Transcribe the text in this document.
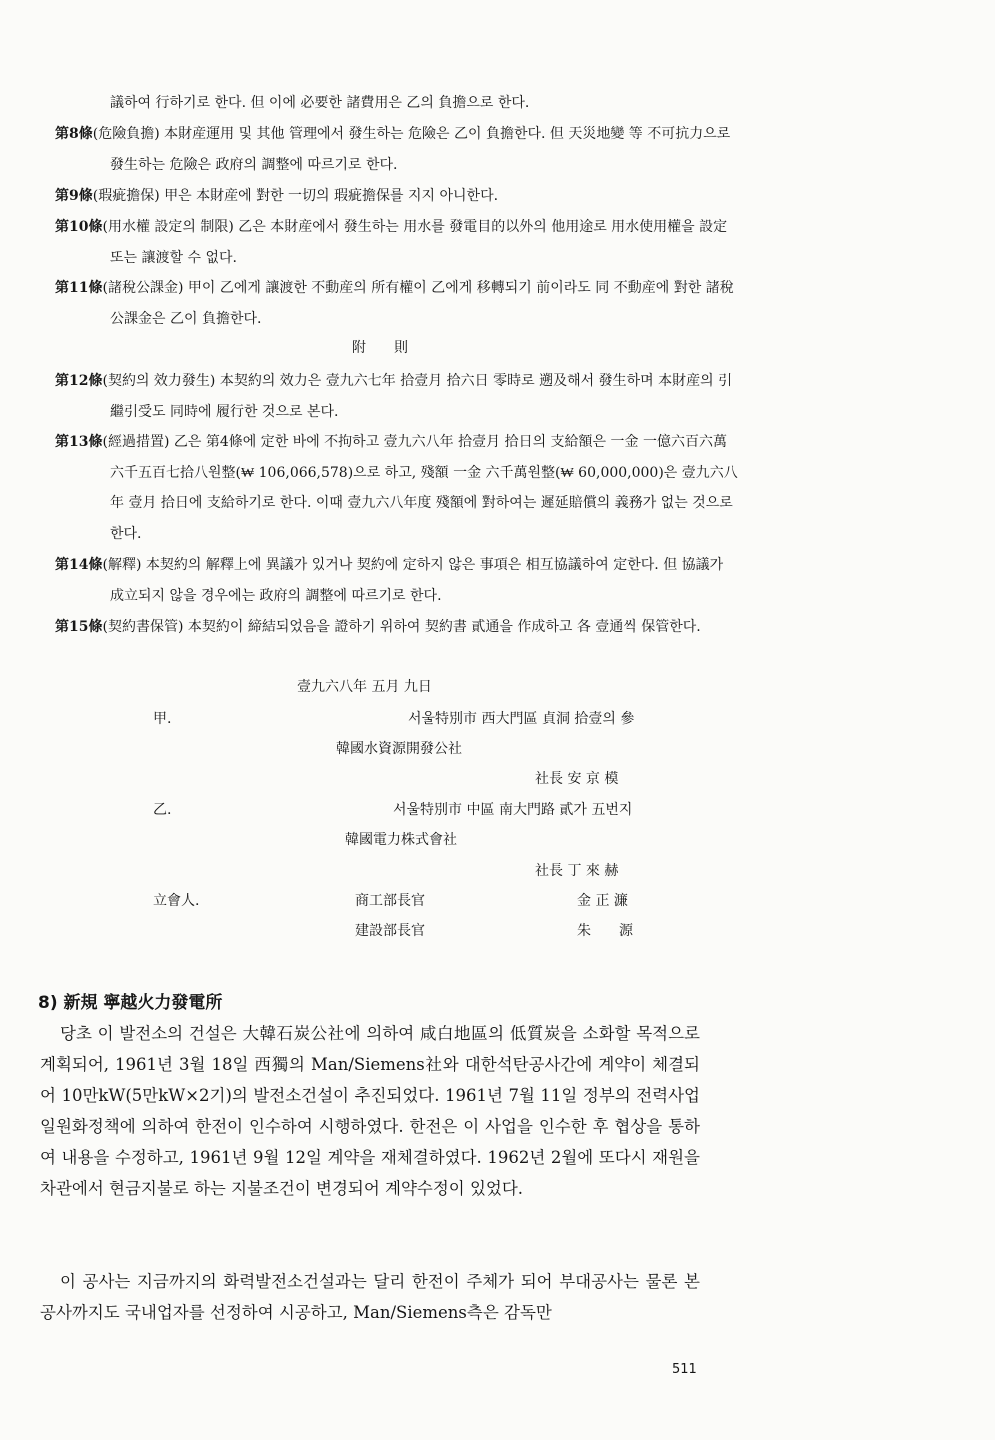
議하여 行하기로 한다. 但 이에 必要한 諸費用은 乙의 負擔으로 한다.
第8條(危險負擔) 本財産運用 및 其他 管理에서 發生하는 危險은 乙이 負擔한다. 但 天災地變 等 不可抗力으로 發生하는 危險은 政府의 調整에 따르기로 한다.
第9條(瑕疵擔保) 甲은 本財産에 對한 一切의 瑕疵擔保를 지지 아니한다.
第10條(用水權 設定의 制限) 乙은 本財産에서 發生하는 用水를 發電目的以外의 他用途로 用水使用權을 設定 또는 讓渡할 수 없다.
第11條(諸稅公課金) 甲이 乙에게 讓渡한 不動産의 所有權이 乙에게 移轉되기 前이라도 同 不動産에 對한 諸稅公課金은 乙이 負擔한다.
附　　則
第12條(契約의 效力發生) 本契約의 效力은 壹九六七年 拾壹月 拾六日 零時로 遡及해서 發生하며 本財産의 引繼引受도 同時에 履行한 것으로 본다.
第13條(經過措置) 乙은 第4條에 定한 바에 不拘하고 壹九六八年 拾壹月 拾日의 支給額은 一金 一億六百六萬六千五百七拾八원整(₩ 106,066,578)으로 하고, 殘額 一金 六千萬원整(₩ 60,000,000)은 壹九六八年 壹月 拾日에 支給하기로 한다. 이때 壹九六八年度 殘額에 對하여는 遲延賠償의 義務가 없는 것으로 한다.
第14條(解釋) 本契約의 解釋上에 異議가 있거나 契約에 定하지 않은 事項은 相互協議하여 定한다. 但 協議가 成立되지 않을 경우에는 政府의 調整에 따르기로 한다.
第15條(契約書保管) 本契約이 締結되었음을 證하기 위하여 契約書 貳通을 作成하고 各 壹通씩 保管한다.
壹九六八年 五月 九日
甲.	서울特別市 西大門區 貞洞 拾壹의 參
韓國水資源開發公社
社長 安 京 模
乙.	서울特別市 中區 南大門路 貳가 五번지
韓國電力株式會社
社長 丁 來 赫
立會人.	商工部長官	金 正 濂
建設部長官	朱　　源
8) 新規 寧越火力發電所
당초 이 발전소의 건설은 大韓石炭公社에 의하여 咸白地區의 低質炭을 소화할 목적으로 계획되어, 1961년 3월 18일 西獨의 Man/Siemens社와 대한석탄공사간에 계약이 체결되어 10만kW(5만kW×2기)의 발전소건설이 추진되었다. 1961년 7월 11일 정부의 전력사업 일원화정책에 의하여 한전이 인수하여 시행하였다. 한전은 이 사업을 인수한 후 협상을 통하여 내용을 수정하고, 1961년 9월 12일 계약을 재체결하였다. 1962년 2월에 또다시 재원을 차관에서 현금지불로 하는 지불조건이 변경되어 계약수정이 있었다.
이 공사는 지금까지의 화력발전소건설과는 달리 한전이 주체가 되어 부대공사는 물론 본공사까지도 국내업자를 선정하여 시공하고, Man/Siemens측은 감독만
511
